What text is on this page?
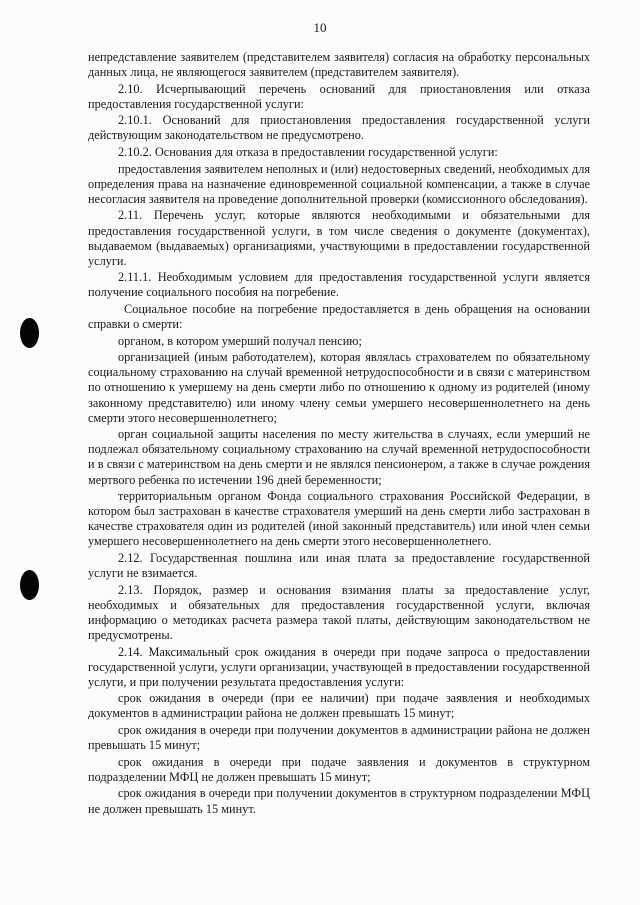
10

непредставление заявителем (представителем заявителя) согласия на обработку персональных данных лица, не являющегося заявителем (представителем заявителя).

2.10. Исчерпывающий перечень оснований для приостановления или отказа предоставления государственной услуги:

2.10.1. Оснований для приостановления предоставления государственной услуги действующим законодательством не предусмотрено.

2.10.2. Основания для отказа в предоставлении государственной услуги:

предоставления заявителем неполных и (или) недостоверных сведений, необходимых для определения права на назначение единовременной социальной компенсации, а также в случае несогласия заявителя на проведение дополнительной проверки (комиссионного обследования).

2.11. Перечень услуг, которые являются необходимыми и обязательными для предоставления государственной услуги, в том числе сведения о документе (документах), выдаваемом (выдаваемых) организациями, участвующими в предоставлении государственной услуги.

2.11.1. Необходимым условием для предоставления государственной услуги является получение социального пособия на погребение.

Социальное пособие на погребение предоставляется в день обращения на основании справки о смерти:

органом, в котором умерший получал пенсию;

организацией (иным работодателем), которая являлась страхователем по обязательному социальному страхованию на случай временной нетрудоспособности и в связи с материнством по отношению к умершему на день смерти либо по отношению к одному из родителей (иному законному представителю) или иному члену семьи умершего несовершеннолетнего на день смерти этого несовершеннолетнего;

орган социальной защиты населения по месту жительства в случаях, если умерший не подлежал обязательному социальному страхованию на случай временной нетрудоспособности и в связи с материнством на день смерти и не являлся пенсионером, а также в случае рождения мертвого ребенка по истечении 196 дней беременности;

территориальным органом Фонда социального страхования Российской Федерации, в котором был застрахован в качестве страхователя умерший на день смерти либо застрахован в качестве страхователя один из родителей (иной законный представитель) или иной член семьи умершего несовершеннолетнего на день смерти этого несовершеннолетнего.

2.12. Государственная пошлина или иная плата за предоставление государственной услуги не взимается.

2.13. Порядок, размер и основания взимания платы за предоставление услуг, необходимых и обязательных для предоставления государственной услуги, включая информацию о методиках расчета размера такой платы, действующим законодательством не предусмотрены.

2.14. Максимальный срок ожидания в очереди при подаче запроса о предоставлении государственной услуги, услуги организации, участвующей в предоставлении государственной услуги, и при получении результата предоставления услуги:

срок ожидания в очереди (при ее наличии) при подаче заявления и необходимых документов в администрации района не должен превышать 15 минут;

срок ожидания в очереди при получении документов в администрации района не должен превышать 15 минут;

срок ожидания в очереди при подаче заявления и документов в структурном подразделении МФЦ не должен превышать 15 минут;

срок ожидания в очереди при получении документов в структурном подразделении МФЦ не должен превышать 15 минут.
